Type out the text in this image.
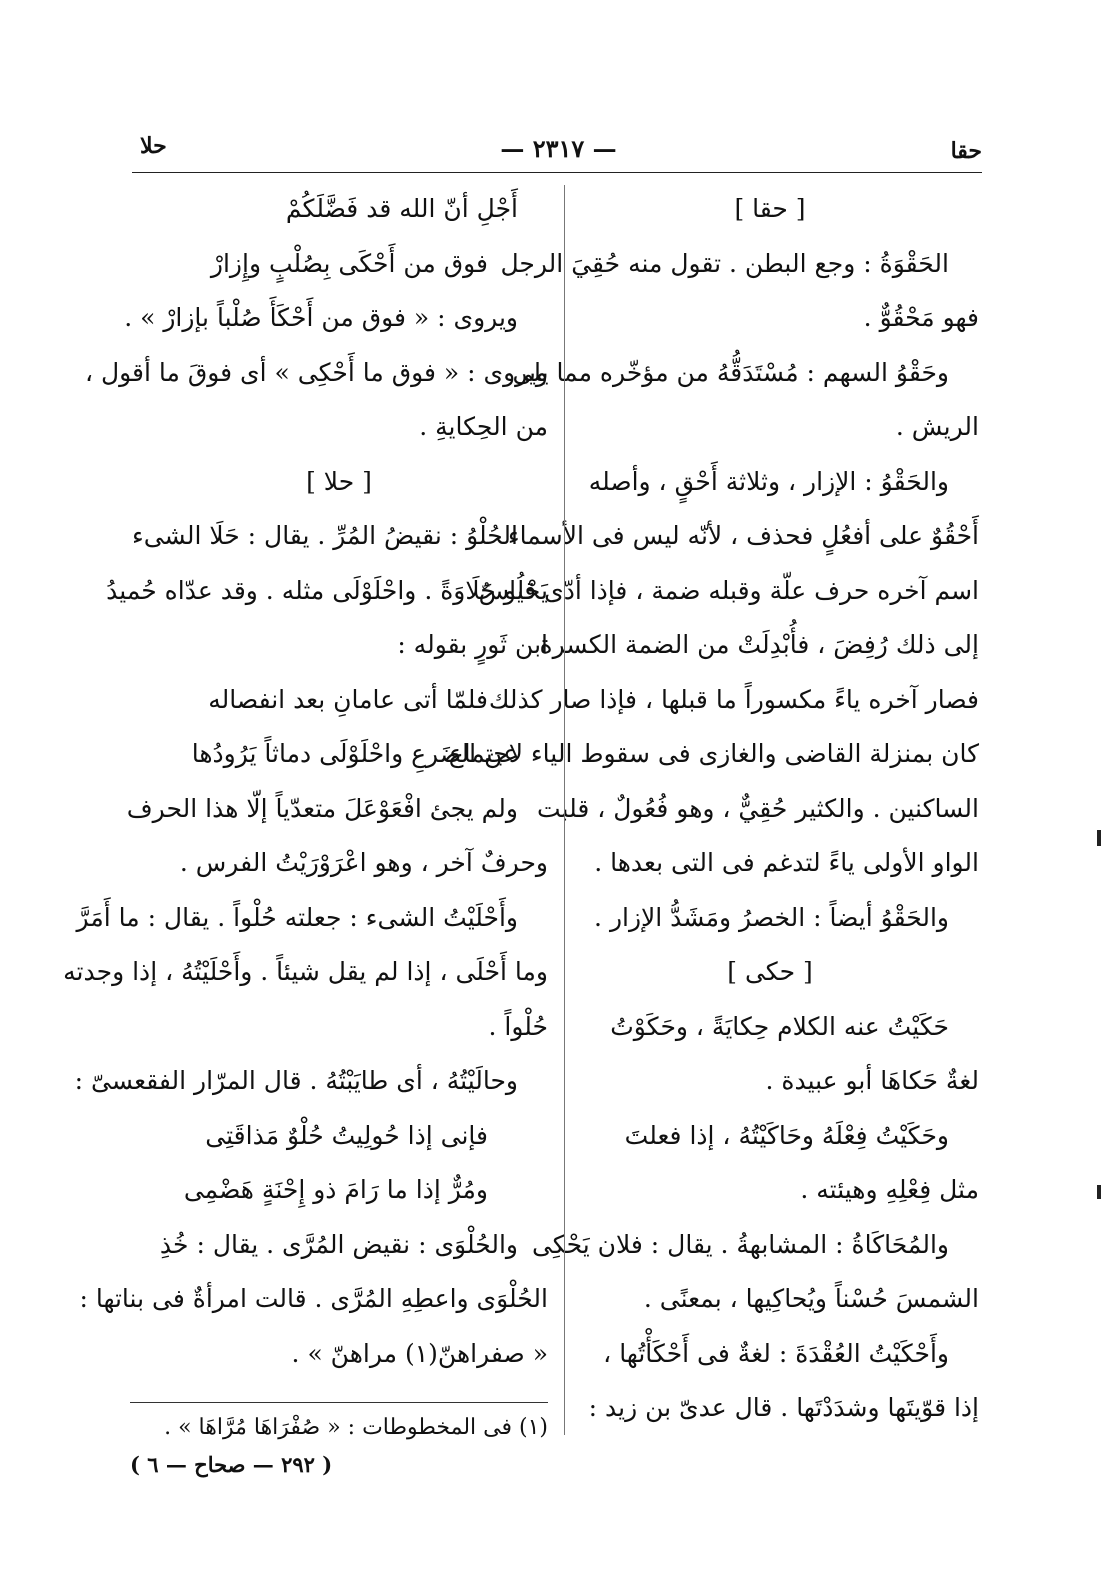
حقا
— ٢٣١٧ —
حلا
[ حقا ]
الحَقْوَةُ : وجع البطن . تقول منه حُقِيَ الرجل
فهو مَحْقُوٌّ .
وحَقْوُ السهم : مُسْتَدَقُّهُ من مؤخّره مما يلى
الريش .
والحَقْوُ : الإزار ، وثلاثة أَحْقٍ ، وأصله
أَحْقُوٌ على أفعُلٍ فحذف ، لأنّه ليس فى الأسماء
اسم آخره حرف علّة وقبله ضمة ، فإذا أدّى قياسٌ
إلى ذلك رُفِضَ ، فأُبْدِلَتْ من الضمة الكسرة
فصار آخره ياءً مكسوراً ما قبلها ، فإذا صار كذلك
كان بمنزلة القاضى والغازى فى سقوط الياء لاجتماع
الساكنين . والكثير حُقِيٌّ ، وهو فُعُولٌ ، قلبت
الواو الأولى ياءً لتدغم فى التى بعدها .
والحَقْوُ أيضاً : الخصرُ ومَشَدُّ الإزار .
[ حكى ]
حَكَيْتُ عنه الكلام حِكايَةً ، وحَكَوْتُ
لغةٌ حَكاهَا أبو عبيدة .
وحَكَيْتُ فِعْلَهُ وحَاكَيْتُهُ ، إذا فعلتَ
مثل فِعْلِهِ وهيئته .
والمُحَاكَاةُ : المشابهةُ . يقال : فلان يَحْكِى
الشمسَ حُسْناً ويُحاكِيها ، بمعنًى .
وأَحْكَيْتُ العُقْدَةَ : لغةٌ فى أَحْكَأْتُها ،
إذا قوّيتَها وشدَدْتَها . قال عدىّ بن زيد :
أَجْلِ أنّ الله قد فَضَّلَكُمْ
فوق من أَحْكَى بِصُلْبٍ وإِزارْ
ويروى : « فوق من أَحْكَأَ صُلْباً بإزارْ » .
ويروى : « فوق ما أَحْكِى » أى فوقَ ما أقول ،
من الحِكايةِ .
[ حلا ]
الحُلْوُ : نقيضُ المُرِّ . يقال : حَلَا الشىء
يَحْلُو حَلَاوَةً . واحْلَوْلَى مثله . وقد عدّاه حُميدُ
ابن ثَورٍ بقوله :
فلمّا أتى عامانِ بعد انفصاله
عن الضَرعِ واحْلَوْلَى دماثاً يَرُودُها
ولم يجئ افْعَوْعَلَ متعدّياً إلّا هذا الحرف
وحرفٌ آخر ، وهو اعْرَوْرَيْتُ الفرس .
وأَحْلَيْتُ الشىء : جعلته حُلْواً . يقال : ما أَمَرَّ
وما أَحْلَى ، إذا لم يقل شيئاً . وأَحْلَيْتُهُ ، إذا وجدته
حُلْواً .
وحالَيْتُهُ ، أى طايَبْتُهُ . قال المرّار الفقعسىّ :
فإنى إذا حُولِيتُ حُلْوٌ مَذاقَتِى
ومُرٌّ إذا ما رَامَ ذو إِحْنَةٍ هَضْمِى
والحُلْوَى : نقيض المُرَّى . يقال : خُذِ
الحُلْوَى واعطِهِ المُرَّى . قالت امرأةٌ فى بناتها :
« صفراهنّ(١) مراهنّ » .
(١) فى المخطوطات : « صُفْرَاهَا مُرَّاهَا » .
( ٢٩٢ — صحاح — ٦ )
